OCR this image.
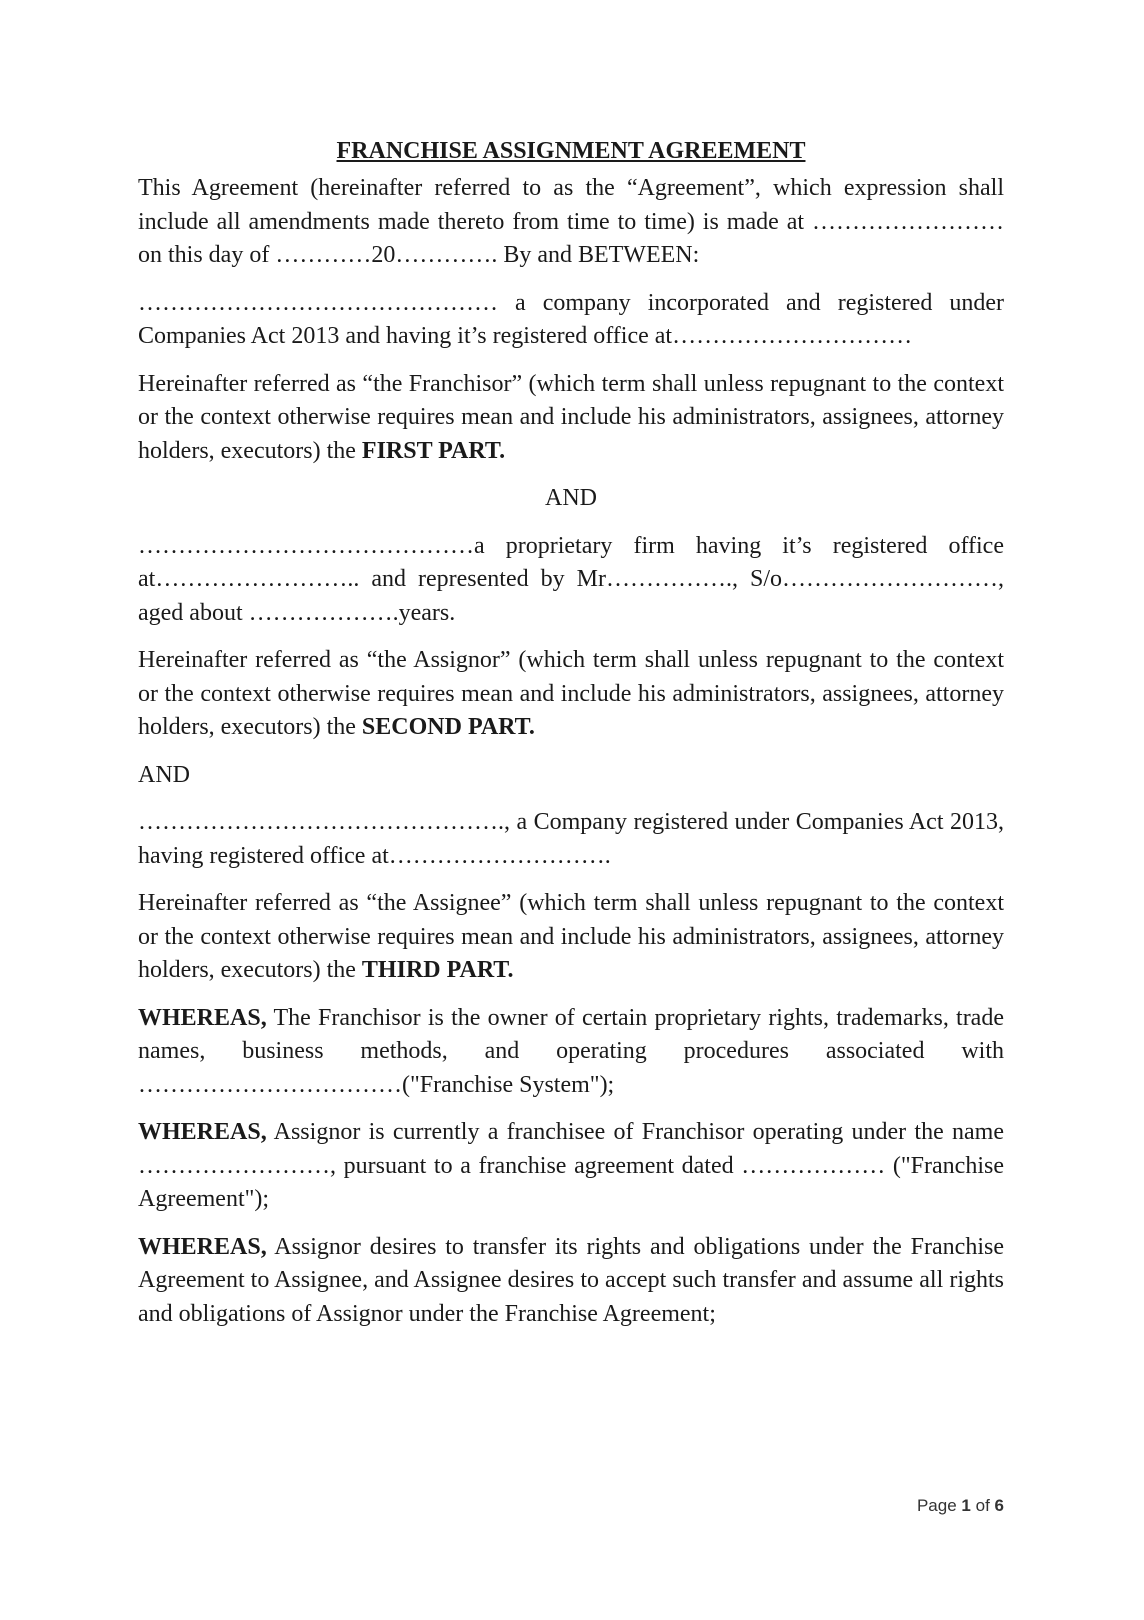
FRANCHISE ASSIGNMENT AGREEMENT

This Agreement (hereinafter referred to as the “Agreement”, which expression shall include all amendments made thereto from time to time) is made at ……………………on this day of …………20…………. By and BETWEEN:

……………………………………… a company incorporated and registered under Companies Act 2013 and having it’s registered office at…………………………

Hereinafter referred as “the Franchisor” (which term shall unless repugnant to the context or the context otherwise requires mean and include his administrators, assignees, attorney holders, executors) the FIRST PART.

AND

……………………………………a proprietary firm having it’s registered office at…………………….. and represented by Mr……………., S/o………………………, aged about ……………….years.

Hereinafter referred as “the Assignor” (which term shall unless repugnant to the context or the context otherwise requires mean and include his administrators, assignees, attorney holders, executors) the SECOND PART.

AND

………………………………………., a Company registered under Companies Act 2013, having registered office at……………………….

Hereinafter referred as “the Assignee” (which term shall unless repugnant to the context or the context otherwise requires mean and include his administrators, assignees, attorney holders, executors) the THIRD PART.

WHEREAS, The Franchisor is the owner of certain proprietary rights, trademarks, trade names, business methods, and operating procedures associated with ……………………………("Franchise System");

WHEREAS, Assignor is currently a franchisee of Franchisor operating under the name ……………………, pursuant to a franchise agreement dated ……………… ("Franchise Agreement");

WHEREAS, Assignor desires to transfer its rights and obligations under the Franchise Agreement to Assignee, and Assignee desires to accept such transfer and assume all rights and obligations of Assignor under the Franchise Agreement;

Page 1 of 6
